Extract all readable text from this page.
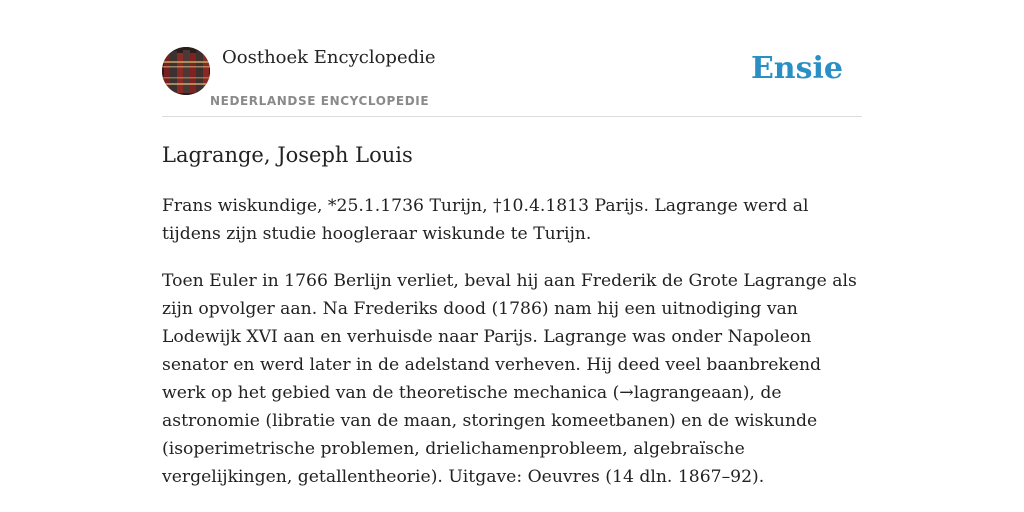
Oosthoek Encyclopedie
NEDERLANDSE ENCYCLOPEDIE
Ensie
Lagrange, Joseph Louis

Frans wiskundige, *25.1.1736 Turijn, †10.4.1813 Parijs. Lagrange werd al tijdens zijn studie hoogleraar wiskunde te Turijn.

Toen Euler in 1766 Berlijn verliet, beval hij aan Frederik de Grote Lagrange als zijn opvolger aan. Na Frederiks dood (1786) nam hij een uitnodiging van Lodewijk XVI aan en verhuisde naar Parijs. Lagrange was onder Napoleon senator en werd later in de adelstand verheven. Hij deed veel baanbrekend werk op het gebied van de theoretische mechanica (→lagrangeaan), de astronomie (libratie van de maan, storingen komeetbanen) en de wiskunde (isoperimetrische problemen, drielichamenprobleem, algebraïsche vergelijkingen, getallentheorie). Uitgave: Oeuvres (14 dln. 1867–92).
